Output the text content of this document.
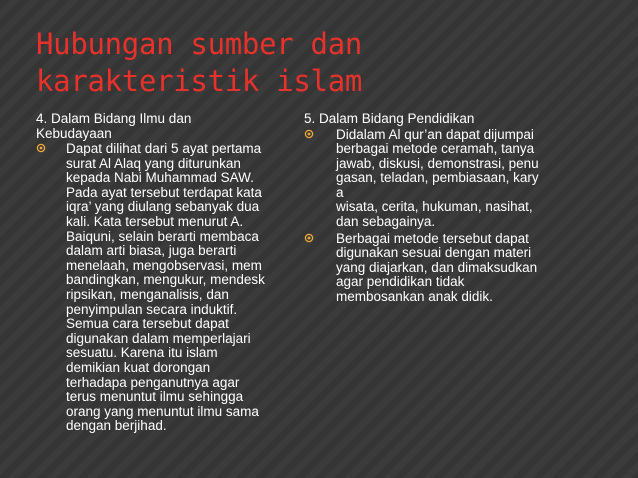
Hubungan sumber dan
karakteristik islam

4. Dalam Bidang Ilmu dan
Kebudayaan

Dapat dilihat dari 5 ayat pertama
surat Al Alaq yang diturunkan
kepada Nabi Muhammad SAW.
Pada ayat tersebut terdapat kata
iqra’ yang diulang sebanyak dua
kali. Kata tersebut menurut A.
Baiquni, selain berarti membaca
dalam arti biasa, juga berarti
menelaah, mengobservasi, mem
bandingkan, mengukur, mendesk
ripsikan, menganalisis, dan
penyimpulan secara induktif.
Semua cara tersebut dapat
digunakan dalam memperlajari
sesuatu. Karena itu islam
demikian kuat dorongan
terhadapa penganutnya agar
terus menuntut ilmu sehingga
orang yang menuntut ilmu sama
dengan berjihad.

5. Dalam Bidang Pendidikan

Didalam Al qur’an dapat dijumpai
berbagai metode ceramah, tanya
jawab, diskusi, demonstrasi, penu
gasan, teladan, pembiasaan, kary
a
wisata, cerita, hukuman, nasihat,
dan sebagainya.
Berbagai metode tersebut dapat
digunakan sesuai dengan materi
yang diajarkan, dan dimaksudkan
agar pendidikan tidak
membosankan anak didik.
